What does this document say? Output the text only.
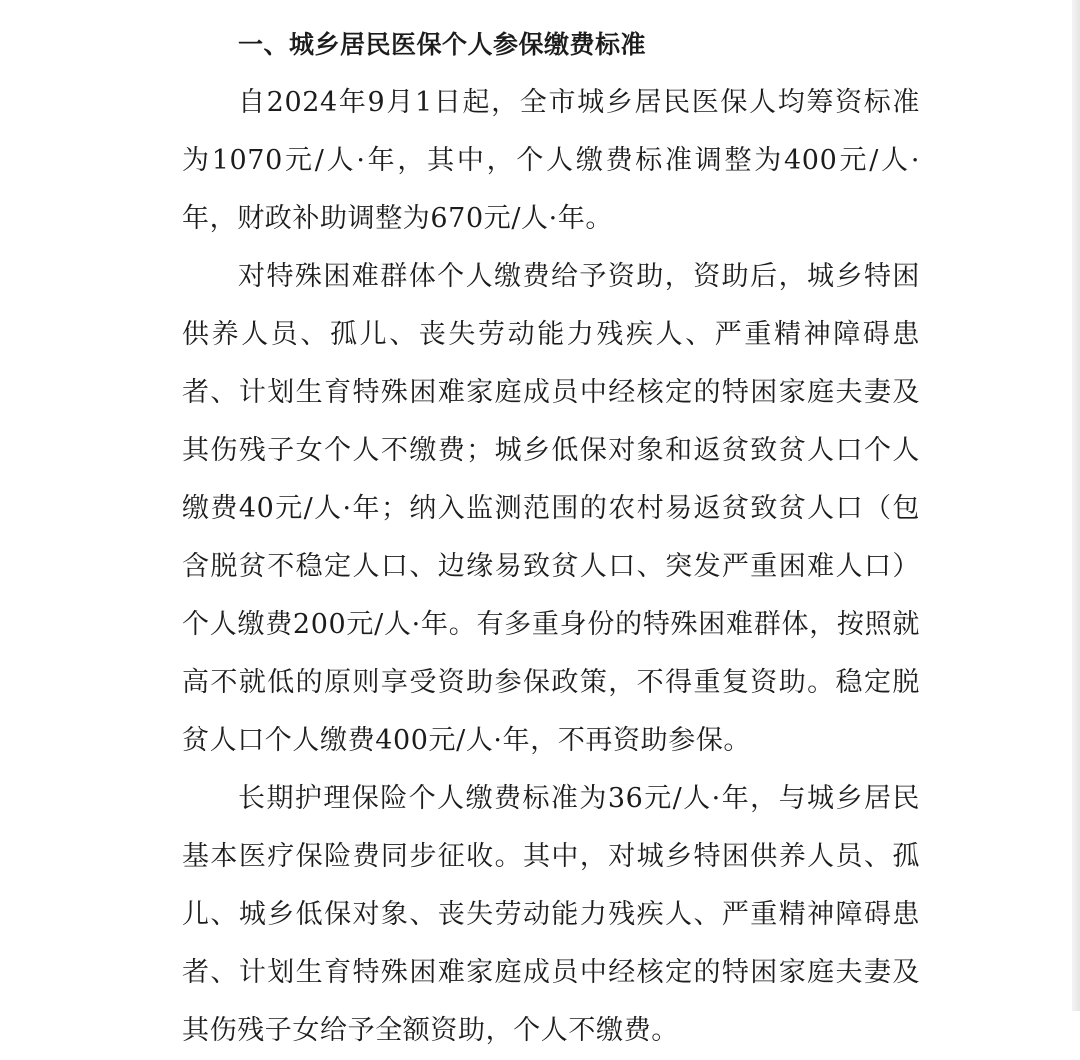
一、城乡居民医保个人参保缴费标准

自2024年9月1日起，全市城乡居民医保人均筹资标准为1070元/人·年，其中，个人缴费标准调整为400元/人·年，财政补助调整为670元/人·年。

对特殊困难群体个人缴费给予资助，资助后，城乡特困供养人员、孤儿、丧失劳动能力残疾人、严重精神障碍患者、计划生育特殊困难家庭成员中经核定的特困家庭夫妻及其伤残子女个人不缴费；城乡低保对象和返贫致贫人口个人缴费40元/人·年；纳入监测范围的农村易返贫致贫人口（包含脱贫不稳定人口、边缘易致贫人口、突发严重困难人口）个人缴费200元/人·年。有多重身份的特殊困难群体，按照就高不就低的原则享受资助参保政策，不得重复资助。稳定脱贫人口个人缴费400元/人·年，不再资助参保。

长期护理保险个人缴费标准为36元/人·年，与城乡居民基本医疗保险费同步征收。其中，对城乡特困供养人员、孤儿、城乡低保对象、丧失劳动能力残疾人、严重精神障碍患者、计划生育特殊困难家庭成员中经核定的特困家庭夫妻及其伤残子女给予全额资助，个人不缴费。
